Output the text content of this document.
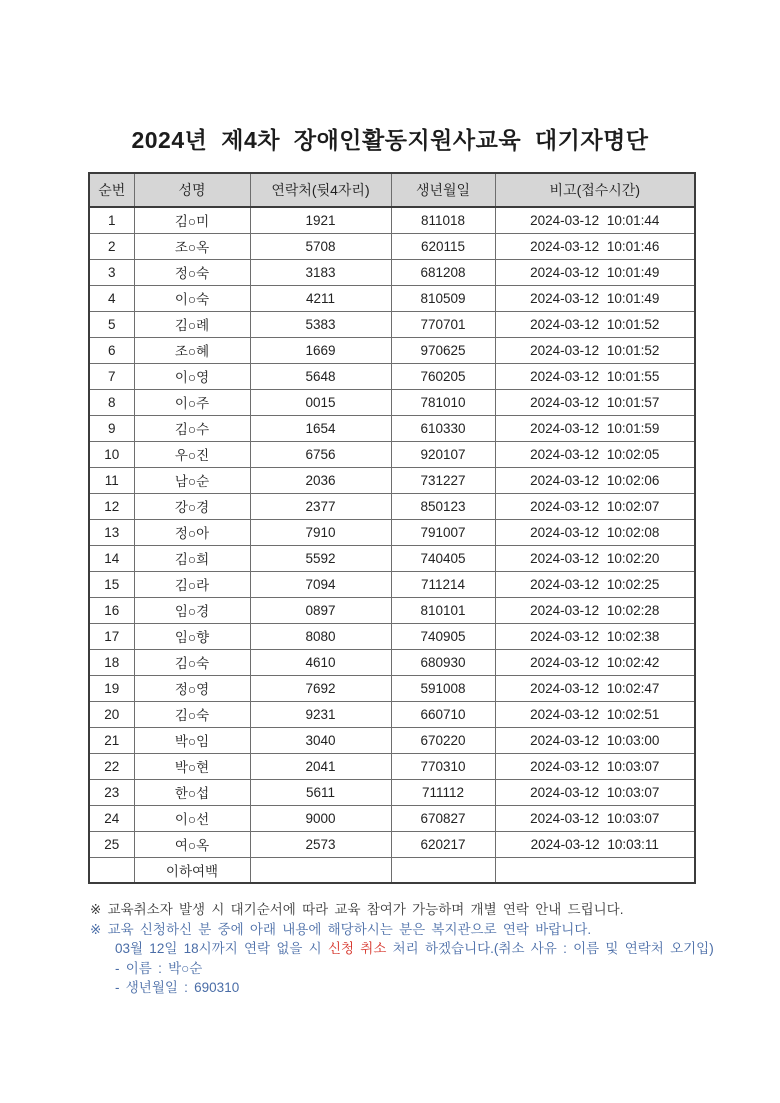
2024년 제4차 장애인활동지원사교육 대기자명단
순번	성명	연락처(뒷4자리)	생년월일	비고(접수시간)
1	김○미	1921	811018	2024-03-12 10:01:44
2	조○옥	5708	620115	2024-03-12 10:01:46
3	정○숙	3183	681208	2024-03-12 10:01:49
4	이○숙	4211	810509	2024-03-12 10:01:49
5	김○례	5383	770701	2024-03-12 10:01:52
6	조○혜	1669	970625	2024-03-12 10:01:52
7	이○영	5648	760205	2024-03-12 10:01:55
8	이○주	0015	781010	2024-03-12 10:01:57
9	김○수	1654	610330	2024-03-12 10:01:59
10	우○진	6756	920107	2024-03-12 10:02:05
11	남○순	2036	731227	2024-03-12 10:02:06
12	강○경	2377	850123	2024-03-12 10:02:07
13	정○아	7910	791007	2024-03-12 10:02:08
14	김○희	5592	740405	2024-03-12 10:02:20
15	김○라	7094	711214	2024-03-12 10:02:25
16	임○경	0897	810101	2024-03-12 10:02:28
17	임○향	8080	740905	2024-03-12 10:02:38
18	김○숙	4610	680930	2024-03-12 10:02:42
19	정○영	7692	591008	2024-03-12 10:02:47
20	김○숙	9231	660710	2024-03-12 10:02:51
21	박○임	3040	670220	2024-03-12 10:03:00
22	박○현	2041	770310	2024-03-12 10:03:07
23	한○섭	5611	711112	2024-03-12 10:03:07
24	이○선	9000	670827	2024-03-12 10:03:07
25	여○옥	2573	620217	2024-03-12 10:03:11
	이하여백			
※ 교육취소자 발생 시 대기순서에 따라 교육 참여가 가능하며 개별 연락 안내 드립니다.
※ 교육 신청하신 분 중에 아래 내용에 해당하시는 분은 복지관으로 연락 바랍니다.
03월 12일 18시까지 연락 없을 시 신청 취소 처리 하겠습니다.(취소 사유 : 이름 및 연락처 오기입)
- 이름 : 박○순
- 생년월일 : 690310
